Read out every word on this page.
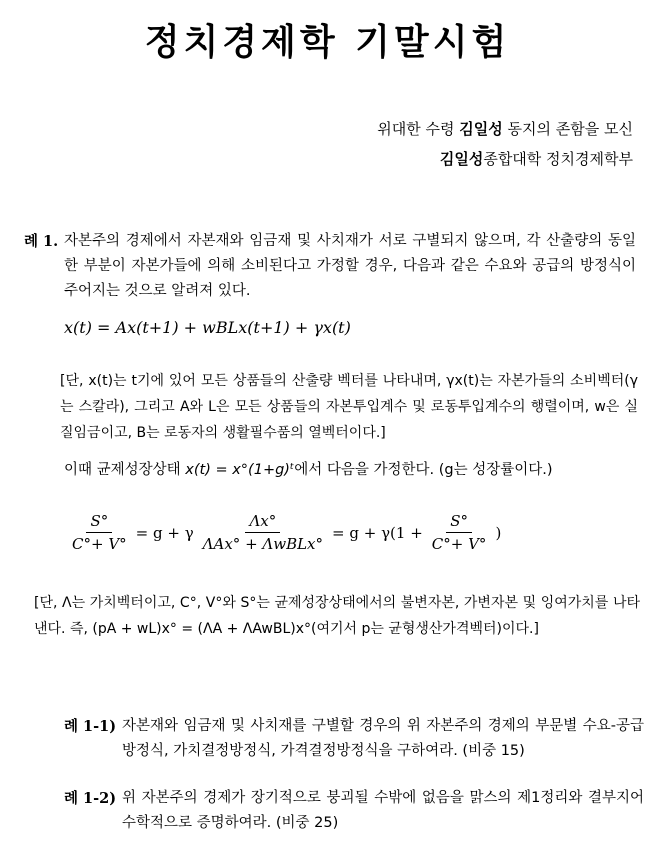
정치경제학 기말시험
위대한 수령 김일성 동지의 존함을 모신
김일성종합대학 정치경제학부
례 1. 자본주의 경제에서 자본재와 임금재 및 사치재가 서로 구별되지 않으며, 각 산출량의 동일한 부분이 자본가들에 의해 소비된다고 가정할 경우, 다음과 같은 수요와 공급의 방정식이 주어지는 것으로 알려져 있다.
x(t) = Ax(t+1) + wBLx(t+1) + γx(t)
[단, x(t)는 t기에 있어 모든 상품들의 산출량 벡터를 나타내며, γx(t)는 자본가들의 소비벡터(γ는 스칼라), 그리고 A와 L은 모든 상품들의 자본투입계수 및 로동투입계수의 행렬이며, w은 실질임금이고, B는 로동자의 생활필수품의 열벡터이다.]
이때 균제성장상태 x(t) = x°(1+g)ᵗ에서 다음을 가정한다. (g는 성장률이다.)
$\frac{S^\circ}{C^\circ+ V^\circ} = g + \gamma \frac{\Lambda x^\circ}{\text{ΛAx° + ΛwBLx°}} = g + \gamma(1 + \frac{S^\circ}{C^\circ+ V^\circ}$ )
[단, Λ는 가치벡터이고, C°, V°와 S°는 균제성장상태에서의 불변자본, 가변자본 및 잉여가치를 나타낸다. 즉, (pA + wL)x° = (ΛA + ΛAwBL)x°(여기서 p는 균형생산가격벡터)이다.]
례 1-1) 자본재와 임금재 및 사치재를 구별할 경우의 위 자본주의 경제의 부문별 수요-공급방정식, 가치결정방정식, 가격결정방정식을 구하여라. (비중 15)
례 1-2) 위 자본주의 경제가 장기적으로 붕괴될 수밖에 없음을 맑스의 제1정리와 결부지어 수학적으로 증명하여라. (비중 25)
